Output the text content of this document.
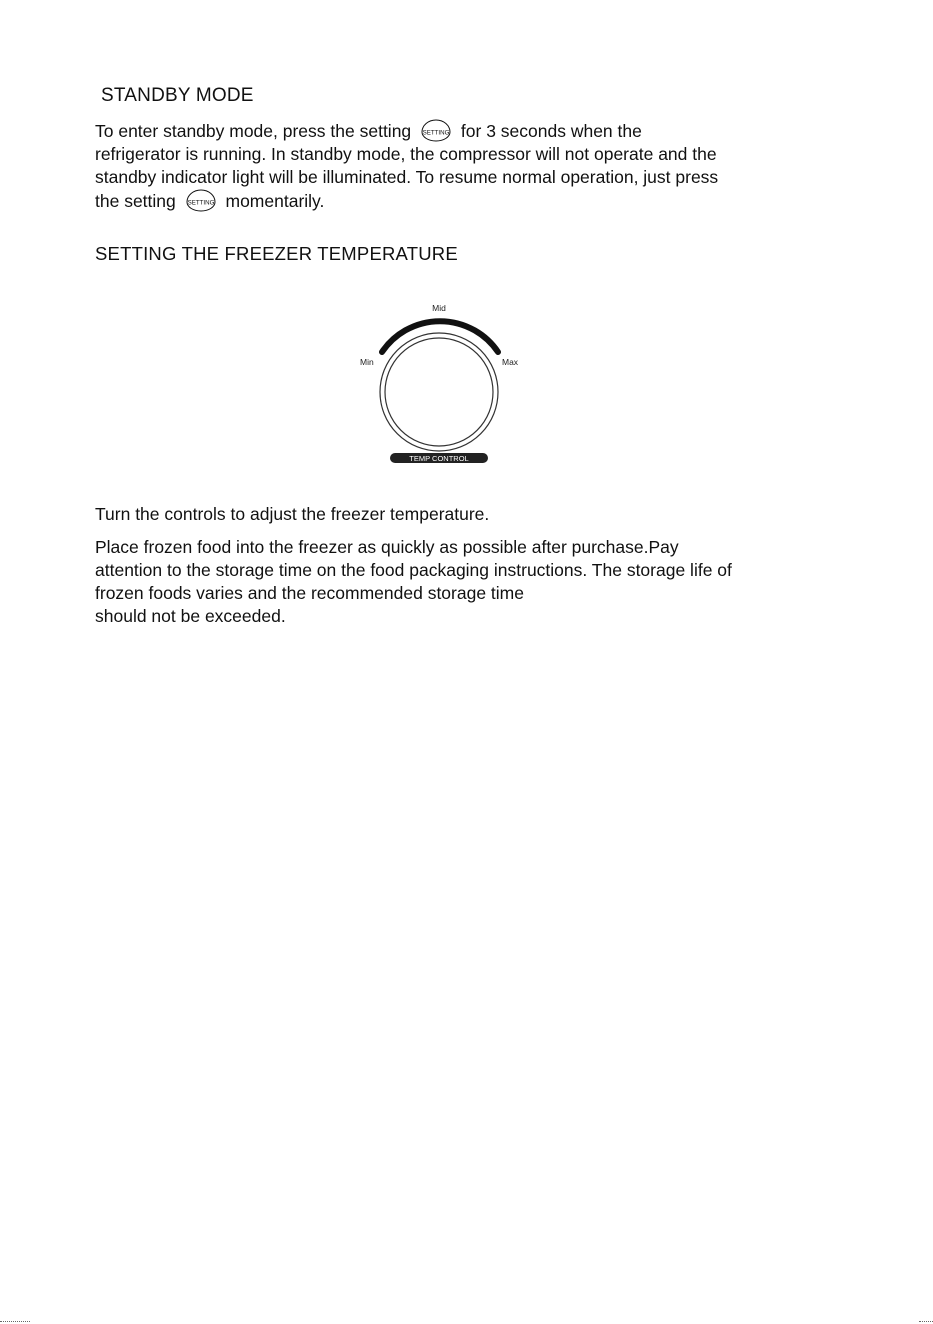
STANDBY MODE

To enter standby mode, press the setting SETTING for 3 seconds when the
refrigerator is running. In standby mode, the compressor will not operate and the
standby indicator light will be illuminated. To resume normal operation, just press
the setting SETTING momentarily.

SETTING THE FREEZER TEMPERATURE
Mid
Min	Max
TEMP CONTROL

Turn the controls to adjust the freezer temperature.

Place frozen food into the freezer as quickly as possible after purchase.Pay
attention to the storage time on the food packaging instructions. The storage life of
frozen foods varies and the recommended storage time
should not be exceeded.
